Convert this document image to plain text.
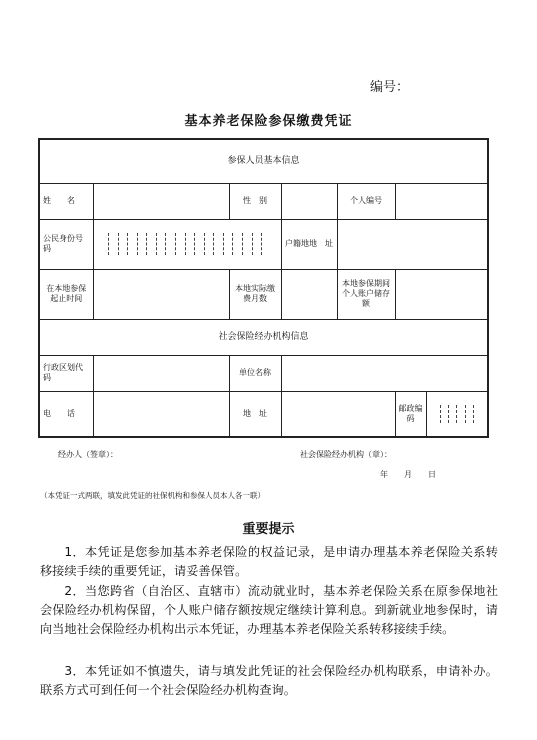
编号：
基本养老保险参保缴费凭证
参保人员基本信息					
姓　　名		性　别		个人编号	
公民身份号　　码			户籍地地　址		
在本地参保起止时间		本地实际缴费月数		本地参保期间个人账户储存额	
社会保险经办机构信息					
行政区划代　　码		单位名称			
电　　话		地　址			邮政编码
经办人（签章）：	社会保险经办机构（章）：
年　　月　　日
（本凭证一式两联，填发此凭证的社保机构和参保人员本人各一联）
重要提示
1．本凭证是您参加基本养老保险的权益记录，是申请办理基本养老保险关系转移接续手续的重要凭证，请妥善保管。
2．当您跨省（自治区、直辖市）流动就业时，基本养老保险关系在原参保地社会保险经办机构保留，个人账户储存额按规定继续计算利息。到新就业地参保时，请向当地社会保险经办机构出示本凭证，办理基本养老保险关系转移接续手续。
3．本凭证如不慎遗失，请与填发此凭证的社会保险经办机构联系，申请补办。联系方式可到任何一个社会保险经办机构查询。
